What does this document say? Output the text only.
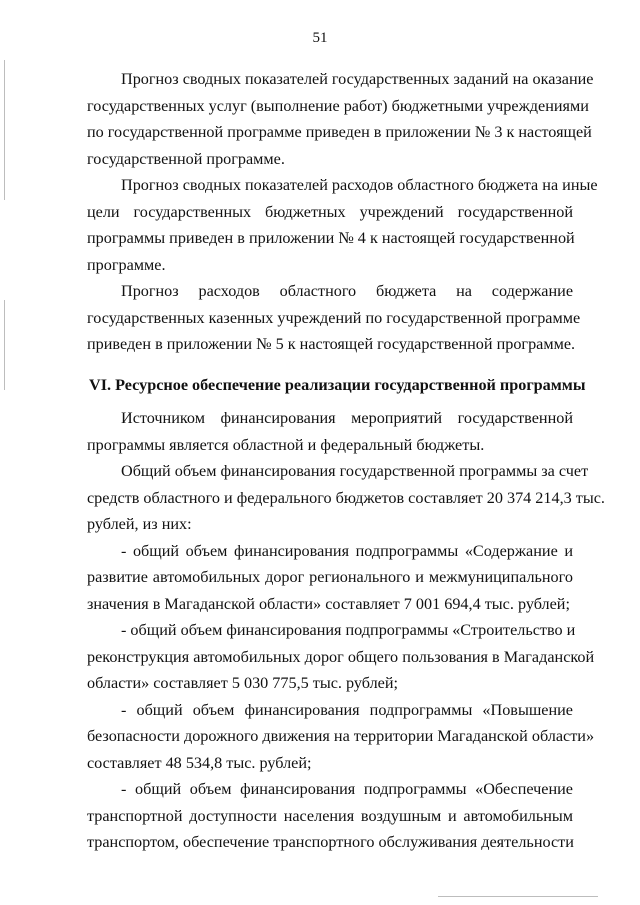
51
Прогноз сводных показателей государственных заданий на оказание
государственных услуг (выполнение работ) бюджетными учреждениями
по государственной программе приведен в приложении № 3 к настоящей
государственной программе.
Прогноз сводных показателей расходов областного бюджета на иные
цели государственных бюджетных учреждений государственной
программы приведен в приложении № 4 к настоящей государственной
программе.
Прогноз расходов областного бюджета на содержание
государственных казенных учреждений по государственной программе
приведен в приложении № 5 к настоящей государственной программе.
VI. Ресурсное обеспечение реализации государственной программы
Источником финансирования мероприятий государственной
программы является областной и федеральный бюджеты.
Общий объем финансирования государственной программы за счет
средств областного и федерального бюджетов составляет 20 374 214,3 тыс.
рублей, из них:
- общий объем финансирования подпрограммы «Содержание и
развитие автомобильных дорог регионального и межмуниципального
значения в Магаданской области» составляет 7 001 694,4 тыс. рублей;
- общий объем финансирования подпрограммы «Строительство и
реконструкция автомобильных дорог общего пользования в Магаданской
области» составляет 5 030 775,5 тыс. рублей;
- общий объем финансирования подпрограммы «Повышение
безопасности дорожного движения на территории Магаданской области»
составляет 48 534,8 тыс. рублей;
- общий объем финансирования подпрограммы «Обеспечение
транспортной доступности населения воздушным и автомобильным
транспортом, обеспечение транспортного обслуживания деятельности
